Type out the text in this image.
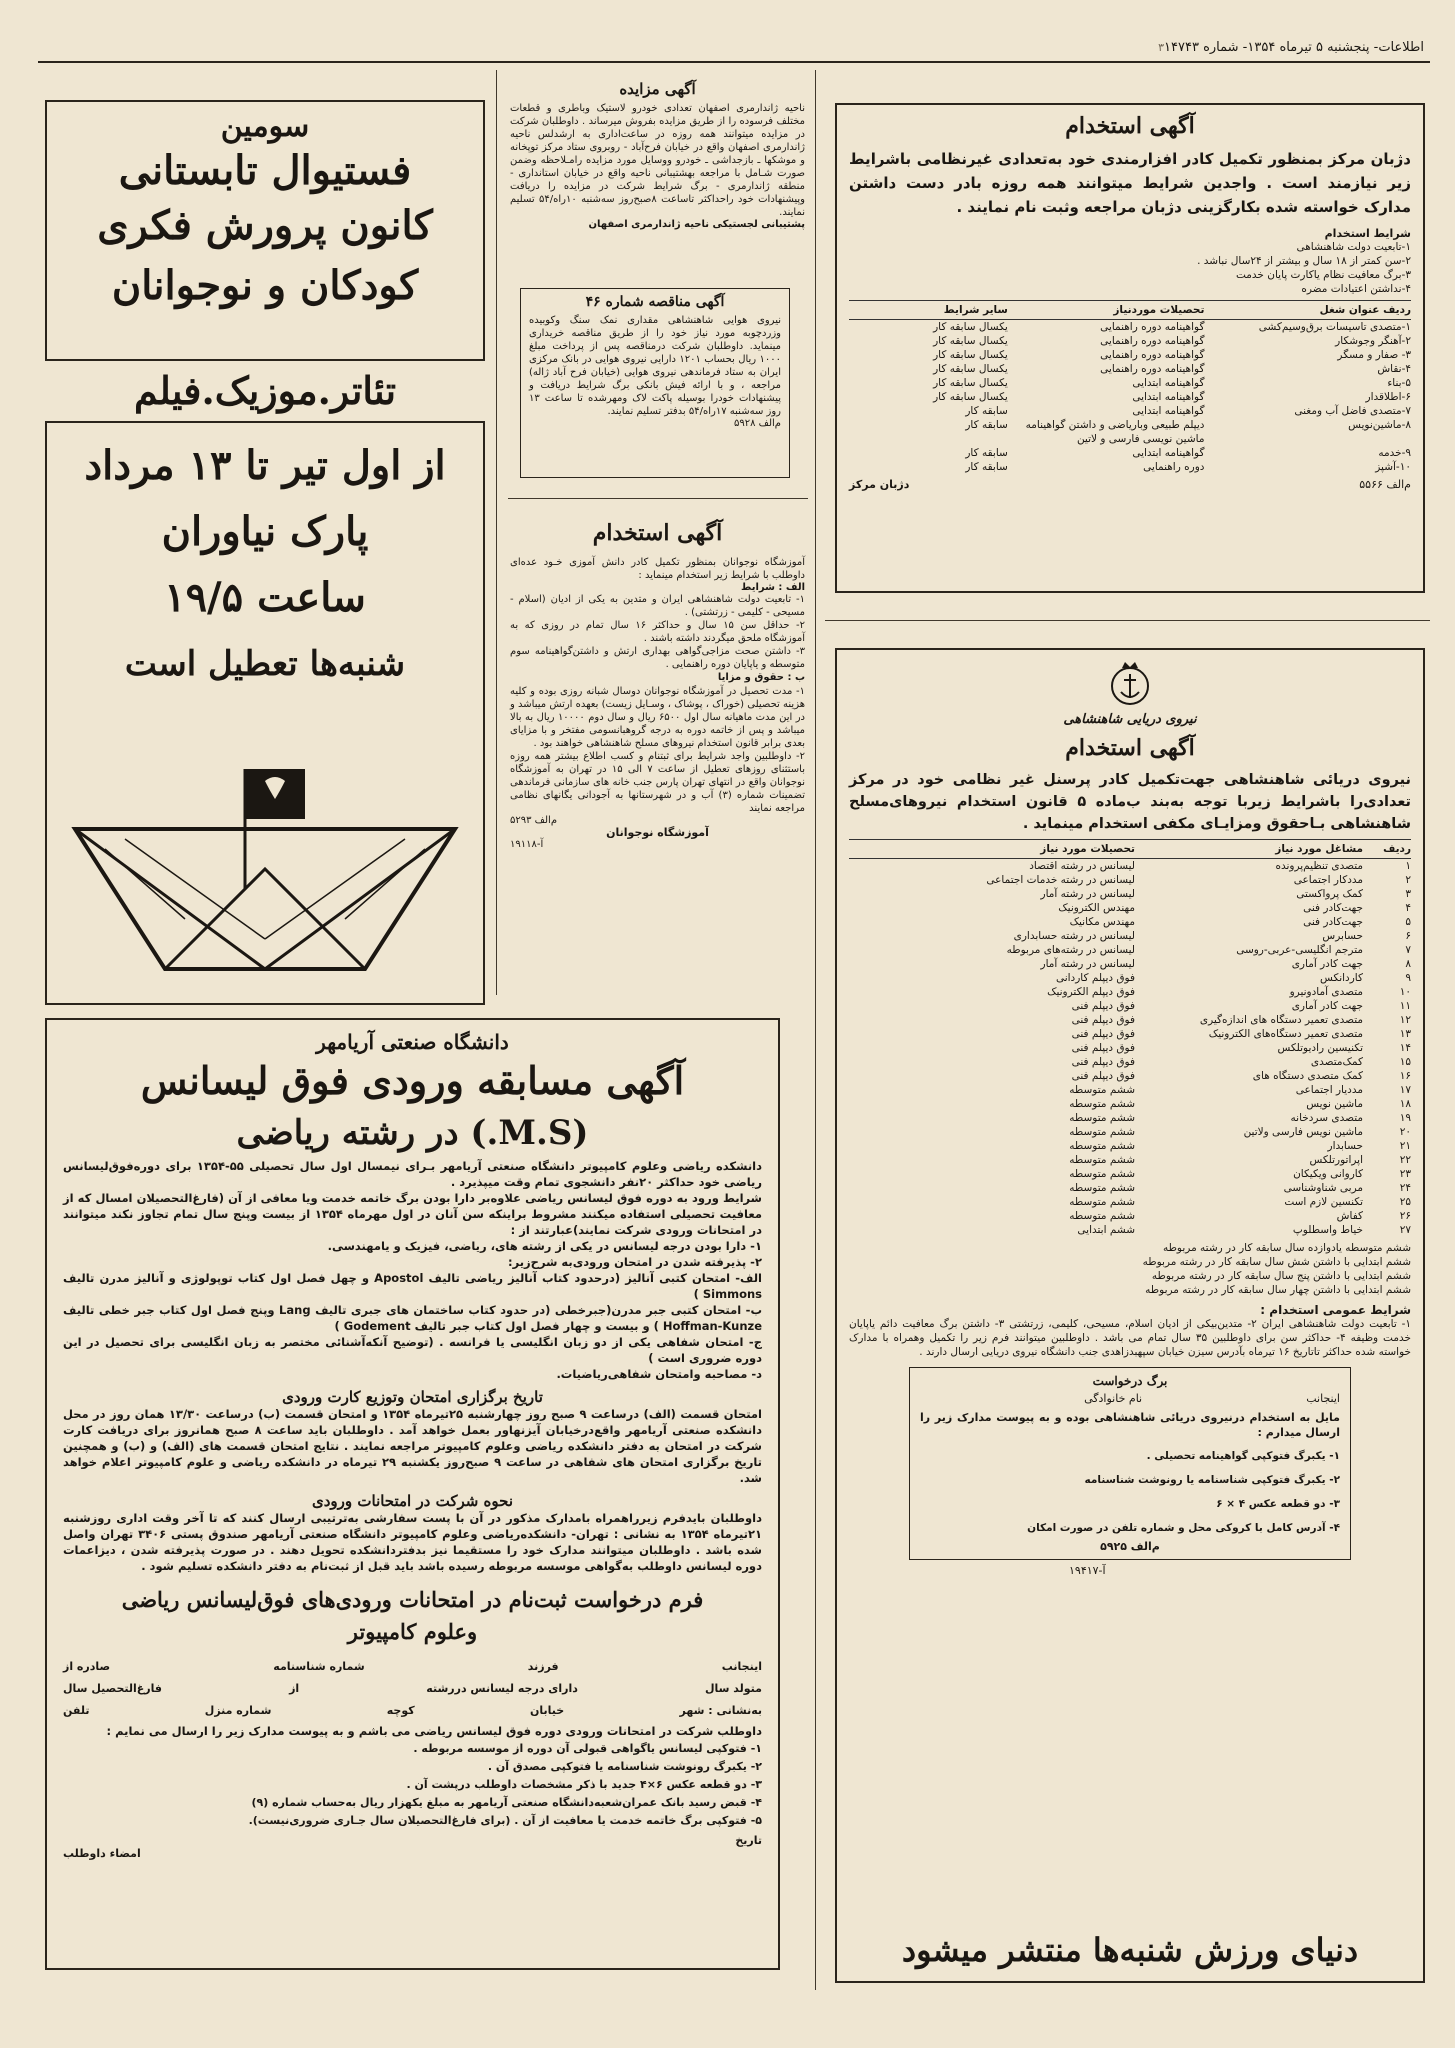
اطلاعات- پنجشنبه ۵ تیرماه ۱۳۵۴- شماره ۱۴۷۴۳
۳
آگهی استخدام
دژبان مرکز بمنظور تکمیل کادر افزارمندی خود به‌تعدادی غیرنظامی باشرایط زیر نیازمند است . واجدین شرایط میتوانند همه روزه بادر دست داشتن مدارک خواسته شده بکارگزینی دژبان مراجعه وثبت نام نمایند .
شرایط استخدام
۱-تابعیت دولت شاهنشاهی
۲-سن کمتر از ۱۸ سال و بیشتر از ۲۴سال نباشد .
۳-برگ معافیت نظام یاکارت پایان خدمت
۴-نداشتن اعتیادات مضره
ردیف عنوان شغل
تحصیلات موردنیاز
سایر شرایط
۱-متصدی تاسیسات برق‌وسیم‌کشی
گواهینامه دوره راهنمایی
یکسال سابقه کار
۲-آهنگر وجوشکار
گواهینامه دوره راهنمایی
یکسال سابقه کار
۳- صفار و مسگر
گواهینامه دوره راهنمایی
یکسال سابقه کار
۴-نقاش
گواهینامه دوره راهنمایی
یکسال سابقه کار
۵-بناء
گواهینامه ابتدایی
یکسال سابقه کار
۶-اطلاقدار
گواهینامه ابتدایی
یکسال سابقه کار
۷-متصدی فاضل آب ومغنی
گواهینامه ابتدایی
سابقه کار
۸-ماشین‌نویس
دیپلم طبیعی وبارياضی و داشتن گواهینامه ماشین نویسی فارسی و لاتین
سابقه کار
۹-خدمه
گواهینامه ابتدایی
سابقه کار
۱۰-آشپز
دوره راهنمایی
سابقه کار
م‌الف ۵۵۶۶
دژبان مرکز
نیروی دریایی شاهنشاهی
آگهی استخدام
نیروی دریائی شاهنشاهی جهت‌تکمیل کادر پرسنل غیر نظامی خود در مرکز تعدادی‌را باشرایط زیربا توجه به‌بند ب‌ماده ۵ قانون استخدام نیروهای‌مسلح شاهنشاهی بـاحقوق ومزایـای مکفی استخدام مینماید .
ردیف
مشاغل مورد نیاز
تحصیلات مورد نیاز
۱
متصدی تنظیم‌پرونده
لیسانس در رشته اقتصاد
۲
مددکار اجتماعی
لیسانس در رشته خدمات اجتماعی
۳
کمک پرواکستی
لیسانس در رشته آمار
۴
جهت‌کادر فنی
مهندس الکترونیک
۵
جهت‌کادر فنی
مهندس مکانیک
۶
حسابرس
لیسانس در رشته حسابداری
۷
مترجم انگلیسی-عربی-روسی
لیسانس در رشته‌های مربوطه
۸
جهت کادر آماری
لیسانس در رشته آمار
۹
کاردانکس
فوق دیپلم کاردانی
۱۰
متصدی آمادونیرو
فوق دیپلم الکترونیک
۱۱
جهت کادر آماری
فوق دیپلم فنی
۱۲
متصدی تعمیر دستگاه های اندازه‌گیری
فوق دیپلم فنی
۱۳
متصدی تعمیر دستگاه‌های الکترونیک
فوق دیپلم فنی
۱۴
تکنیسین رادیوتلکس
فوق دیپلم فنی
۱۵
کمک‌متصدی
فوق دیپلم فنی
۱۶
کمک متصدی دستگاه های
فوق دیپلم فنی
۱۷
مددیار اجتماعی
ششم متوسطه
۱۸
ماشین نویس
ششم متوسطه
۱۹
متصدی سردخانه
ششم متوسطه
۲۰
ماشین نویس فارسی ولاتین
ششم متوسطه
۲۱
حسابدار
ششم متوسطه
۲۲
اپراتورتلکس
ششم متوسطه
۲۳
کاروانی ویکیکان
ششم متوسطه
۲۴
مربی شناوشناسی
ششم متوسطه
۲۵
تکنسین لازم است
ششم متوسطه
۲۶
کفاش
ششم متوسطه
۲۷
خیاط واسطلوپ
ششم ابتدایی
ششم متوسطه یادوازده سال سابقه کار در رشته مربوطه
ششم ابتدایی با داشتن شش سال سابقه کار در رشته مربوطه
ششم ابتدایی با داشتن پنج سال سابقه کار در رشته مربوطه
ششم ابتدایی با داشتن چهار سال سابقه کار در رشته مربوطه
شرایط عمومی استخدام :
۱- تابعیت دولت شاهنشاهی ایران ۲- متدین‌بیکی از ادیان اسلام، مسیحی، کلیمی، زرتشتی ۳- داشتن برگ معافیت دائم یاپایان خدمت وظیفه ۴- حداکثر سن برای داوطلبین ۳۵ سال تمام می باشد . داوطلبین میتوانند فرم زیر را تکمیل وهمراه با مدارک خواسته شده حداکثر تاتاریخ ۱۶ تیرماه بآدرس سیزن خیابان سپهبدزاهدی جنب دانشگاه نیروی دریایی ارسال دارند .
برگ درخواست
اینجانب
نام خانوادگی
مایل به استخدام درنیروی دریائی شاهنشاهی بوده و به پیوست مدارک زیر را ارسال میدارم :
۱- یکبرگ فتوکپی گواهینامه تحصیلی .
۲- یکبرگ فتوکپی شناسنامه یا رونوشت شناسنامه
۳- دو قطعه عکس ۴ × ۶
۴- آدرس کامل با کروکی محل و شماره تلفن در صورت امکان
م‌الف ۵۹۲۵
آ-۱۹۴۱۷
آگهی مزایده
ناحیه ژاندارمری اصفهان تعدادی خودرو لاستیک وباطری و قطعات مختلف فرسوده را از طریق مزایده بفروش میرساند . داوطلبان شرکت در مزایده میتوانند همه روزه در ساعت‌اداری به ارشدلس ناحیه ژاندارمری اصفهان واقع در خیابان فرح‌آباد - روبروی ستاد مرکز توپخانه و موشکها ـ بازجداشی ـ خودرو ووسایل مورد مزایده رامـلاحظه وضمن صورت شـامل با مراجعه بهشتیبانی ناحیه واقع در خیابان استانداری - منطقه ژاندارمری - برگ شرایط شرکت در مزایده را دریافت وپیشنهادات خود راحداکثر تاساعت ۸صبح‌روز سه‌شنبه ۱۰راه/۵۴ تسلیم نمایند.
پشتیبانی لجستیکی ناحیه ژاندارمری اصفهان
آگهی مناقصه شماره ۴۶
نیروی هوایی شاهنشاهی مقداری نمک سنگ وکوبیده وزردچوبه مورد نیاز خود را از طریق مناقصه خریداری مینماید. داوطلبان شرکت درمناقصه پس از پرداخت مبلغ ۱۰۰۰ ریال بحساب ۱۲۰۱ دارایی نیروی هوایی در بانک مرکزی ایران به ستاد فرماندهی نیروی هوایی (خیابان فرح آباد ژاله) مراجعه ، و با ارائه فیش بانکی برگ شرایط دریافت و پیشنهادات خودرا بوسیله پاکت لاک ومهرشده تا ساعت ۱۳ روز سه‌شنبه ۱۷راه/۵۴ بدفتر تسلیم نمایند.
م‌الف ۵۹۲۸
آگهی استخدام
آموزشگاه نوجوانان بمنظور تکمیل کادر دانش آموزی خـود عده‌ای داوطلب با شرایط زیر استخدام مینماید :
الف : شرایط
۱- تابعیت دولت شاهنشاهی ایران و متدین به یکی از ادیان (اسلام - مسیحی - کلیمی - زرتشتی) .
۲- حداقل سن ۱۵ سال و حداکثر ۱۶ سال تمام در روزی که به آموزشگاه ملحق میگردند داشته باشند .
۳- داشتن صحت مزاجی‌گواهی بهداری ارتش و داشتن‌گواهینامه سوم متوسطه و یاپایان دوره راهنمایی .
ب : حقوق و مزایا
۱- مدت تحصیل در آموزشگاه نوجوانان دوسال شبانه روزی بوده و کلیه هزینه تحصیلی (خوراک ، پوشاک ، وسـایل زیست) بعهده ارتش میباشد و در این مدت ماهیانه سال اول ۶۵۰۰ ریال و سال دوم ۱۰۰۰۰ ریال به بالا میباشد و پس از خاتمه دوره به درجه گروهبانسومی مفتخر و با مزایای بعدی برابر قانون استخدام نیروهای مسلح شاهنشاهی خواهند بود .
۲- داوطلبین واجد شرایط برای ثبتنام و کسب اطلاع بیشتر همه روزه باستثنای روزهای تعطیل از ساعت ۷ الی ۱۵ در تهران به آموزشگاه نوجوانان واقع در انتهای تهران پارس جنب خانه های سازمانی فرماندهی تضمینات شماره (۳) آب و در شهرستانها به آجودانی یگانهای نظامی مراجعه نمایند
م‌الف ۵۲۹۳
آموزشگاه نوجوانان
آ-۱۹۱۱۸
سومین
فستیوال تابستانی
کانون پرورش فکری
کودکان و نوجوانان
تئاتر.موزیک.فیلم
از اول تیر تا ۱۳ مرداد
پارک نیاوران
ساعت ۱۹/۵
شنبه‌ها تعطیل است
دانشگاه صنعتی آریامهر
آگهی مسابقه ورودی فوق لیسانس
(M.S.) در رشته ریاضی
دانشکده ریاضی وعلوم کامپیوتر دانشگاه صنعتی آریامهر بـرای نیمسال اول سال تحصیلی ۵۵-۱۳۵۴ برای دوره‌فوق‌لیسانس ریاضی خود حداکثر ۲۰نفر دانشجوی تمام وقت میپذیرد .
شرایط ورود به دوره فوق لیسانس ریاضی علاوه‌بر دارا بودن برگ خاتمه خدمت ویا معافی از آن (فارغ‌التحصیلان امسال که از معافیت تحصیلی استفاده میکنند مشروط براینکه سن آنان در اول مهرماه ۱۳۵۴ از بیست وپنج سال تمام تجاوز نکند میتوانند در امتحانات ورودی شرکت نمایند)عبارتند از :
۱- دارا بودن درجه لیسانس در یکی از رشته های، ریاضی، فیزیک‌ و یامهندسی.
۲- پذیرفته شدن در امتحان ورودی‌به شرح‌زیر:
الف- امتحان کتبی آنالیز (درحدود کتاب آنالیز ریاضی تالیف Apostol و چهل فصل اول کتاب توپولوژی و آنالیز مدرن تالیف Simmons )
ب- امتحان کتبی جبر مدرن(جبرخطی (در حدود کتاب ساختمان های جبری تالیف Lang وپنج فصل اول کتاب جبر خطی تالیف Hoffman-Kunze ) و بیست و چهار فصل اول کتاب جبر تالیف Godement )
ج- امتحان شفاهی یکی از دو زبان انگلیسی یا فرانسه . (توضیح آنکه‌آشنائی مختصر به زبان انگلیسی برای تحصیل در این دوره ضروری است )
د- مصاحبه وامتحان شفاهی‌ریاضیات.
تاریخ برگزاری امتحان وتوزیع کارت ورودی
امتحان قسمت (الف) درساعت ۹ صبح روز چهارشنبه ۲۵تیرماه ۱۳۵۴ و امتحان قسمت (ب) درساعت ۱۳/۳۰ همان روز در محل دانشکده صنعتی آریامهر واقع‌درخیابان آیزنهاور بعمل خواهد آمد . داوطلبان باید ساعت ۸ صبح همانروز برای دریافت کارت شرکت در امتحان به دفتر دانشکده ریاضی وعلوم کامپیوتر مراجعه نمایند . نتایج امتحان قسمت های (الف) و (ب) و همچنین تاریخ برگزاری امتحان های شفاهی در ساعت ۹ صبح‌روز یکشنبه ۲۹ تیرماه در دانشکده ریاضی و علوم کامپیوتر اعلام خواهد شد.
نحوه شرکت در امتحانات ورودی
داوطلبان بایدفرم زیرراهمراه بامدارک مذکور در آن با پست سفارشی به‌ترتیبی ارسال کنند که تا آخر وقت اداری روزشنبه ۲۱تیرماه ۱۳۵۴ به نشانی : تهران- دانشکده‌ریاضی وعلوم کامپیوتر دانشگاه صنعتی آریامهر صندوق پستی ۳۴۰۶ تهران واصل شده باشد . داوطلبان میتوانند مدارک خود را مستقیما نیز بدفتردانشکده تحویل دهند . در صورت پذیرفته شدن ، دیزاعمات دوره لیسانس داوطلب به‌گواهی موسسه مربوطه رسیده باشد باید قبل از ثبت‌نام به دفتر دانشکده تسلیم شود .
فرم درخواست ثبت‌نام در امتحانات ورودی‌های فوق‌لیسانس ریاضی وعلوم کامپیوتر
اینجانب
فرزند
شماره شناسنامه
صادره از
متولد سال
دارای درجه لیسانس دررشته
از
فارغ‌التحصیل سال
به‌نشانی : شهر
خیابان
کوچه
شماره منزل
تلفن
داوطلب شرکت در امتحانات ورودی دوره فوق لیسانس ریاضی می باشم و به پیوست مدارک زیر را ارسال می نمایم :
۱- فتوکپی لیسانس یاگواهی قبولی آن دوره از موسسه مربوطه .
۲- یکبرگ رونوشت شناسنامه یا فتوکپی مصدق آن .
۳- دو قطعه عکس ۶×۴ جدید با ذکر مشخصات داوطلب درپشت آن .
۴- قبض رسید بانک عمران‌شعبه‌دانشگاه صنعتی آریامهر به مبلغ یکهزار ریال به‌حساب شماره (۹)
۵- فتوکپی برگ خاتمه خدمت یا معافیت از آن . (برای فارغ‌التحصیلان سال جـاری ضروری‌نیست).
تاریخ
امضاء داوطلب
دنیای ورزش شنبه‌ها منتشر میشود
